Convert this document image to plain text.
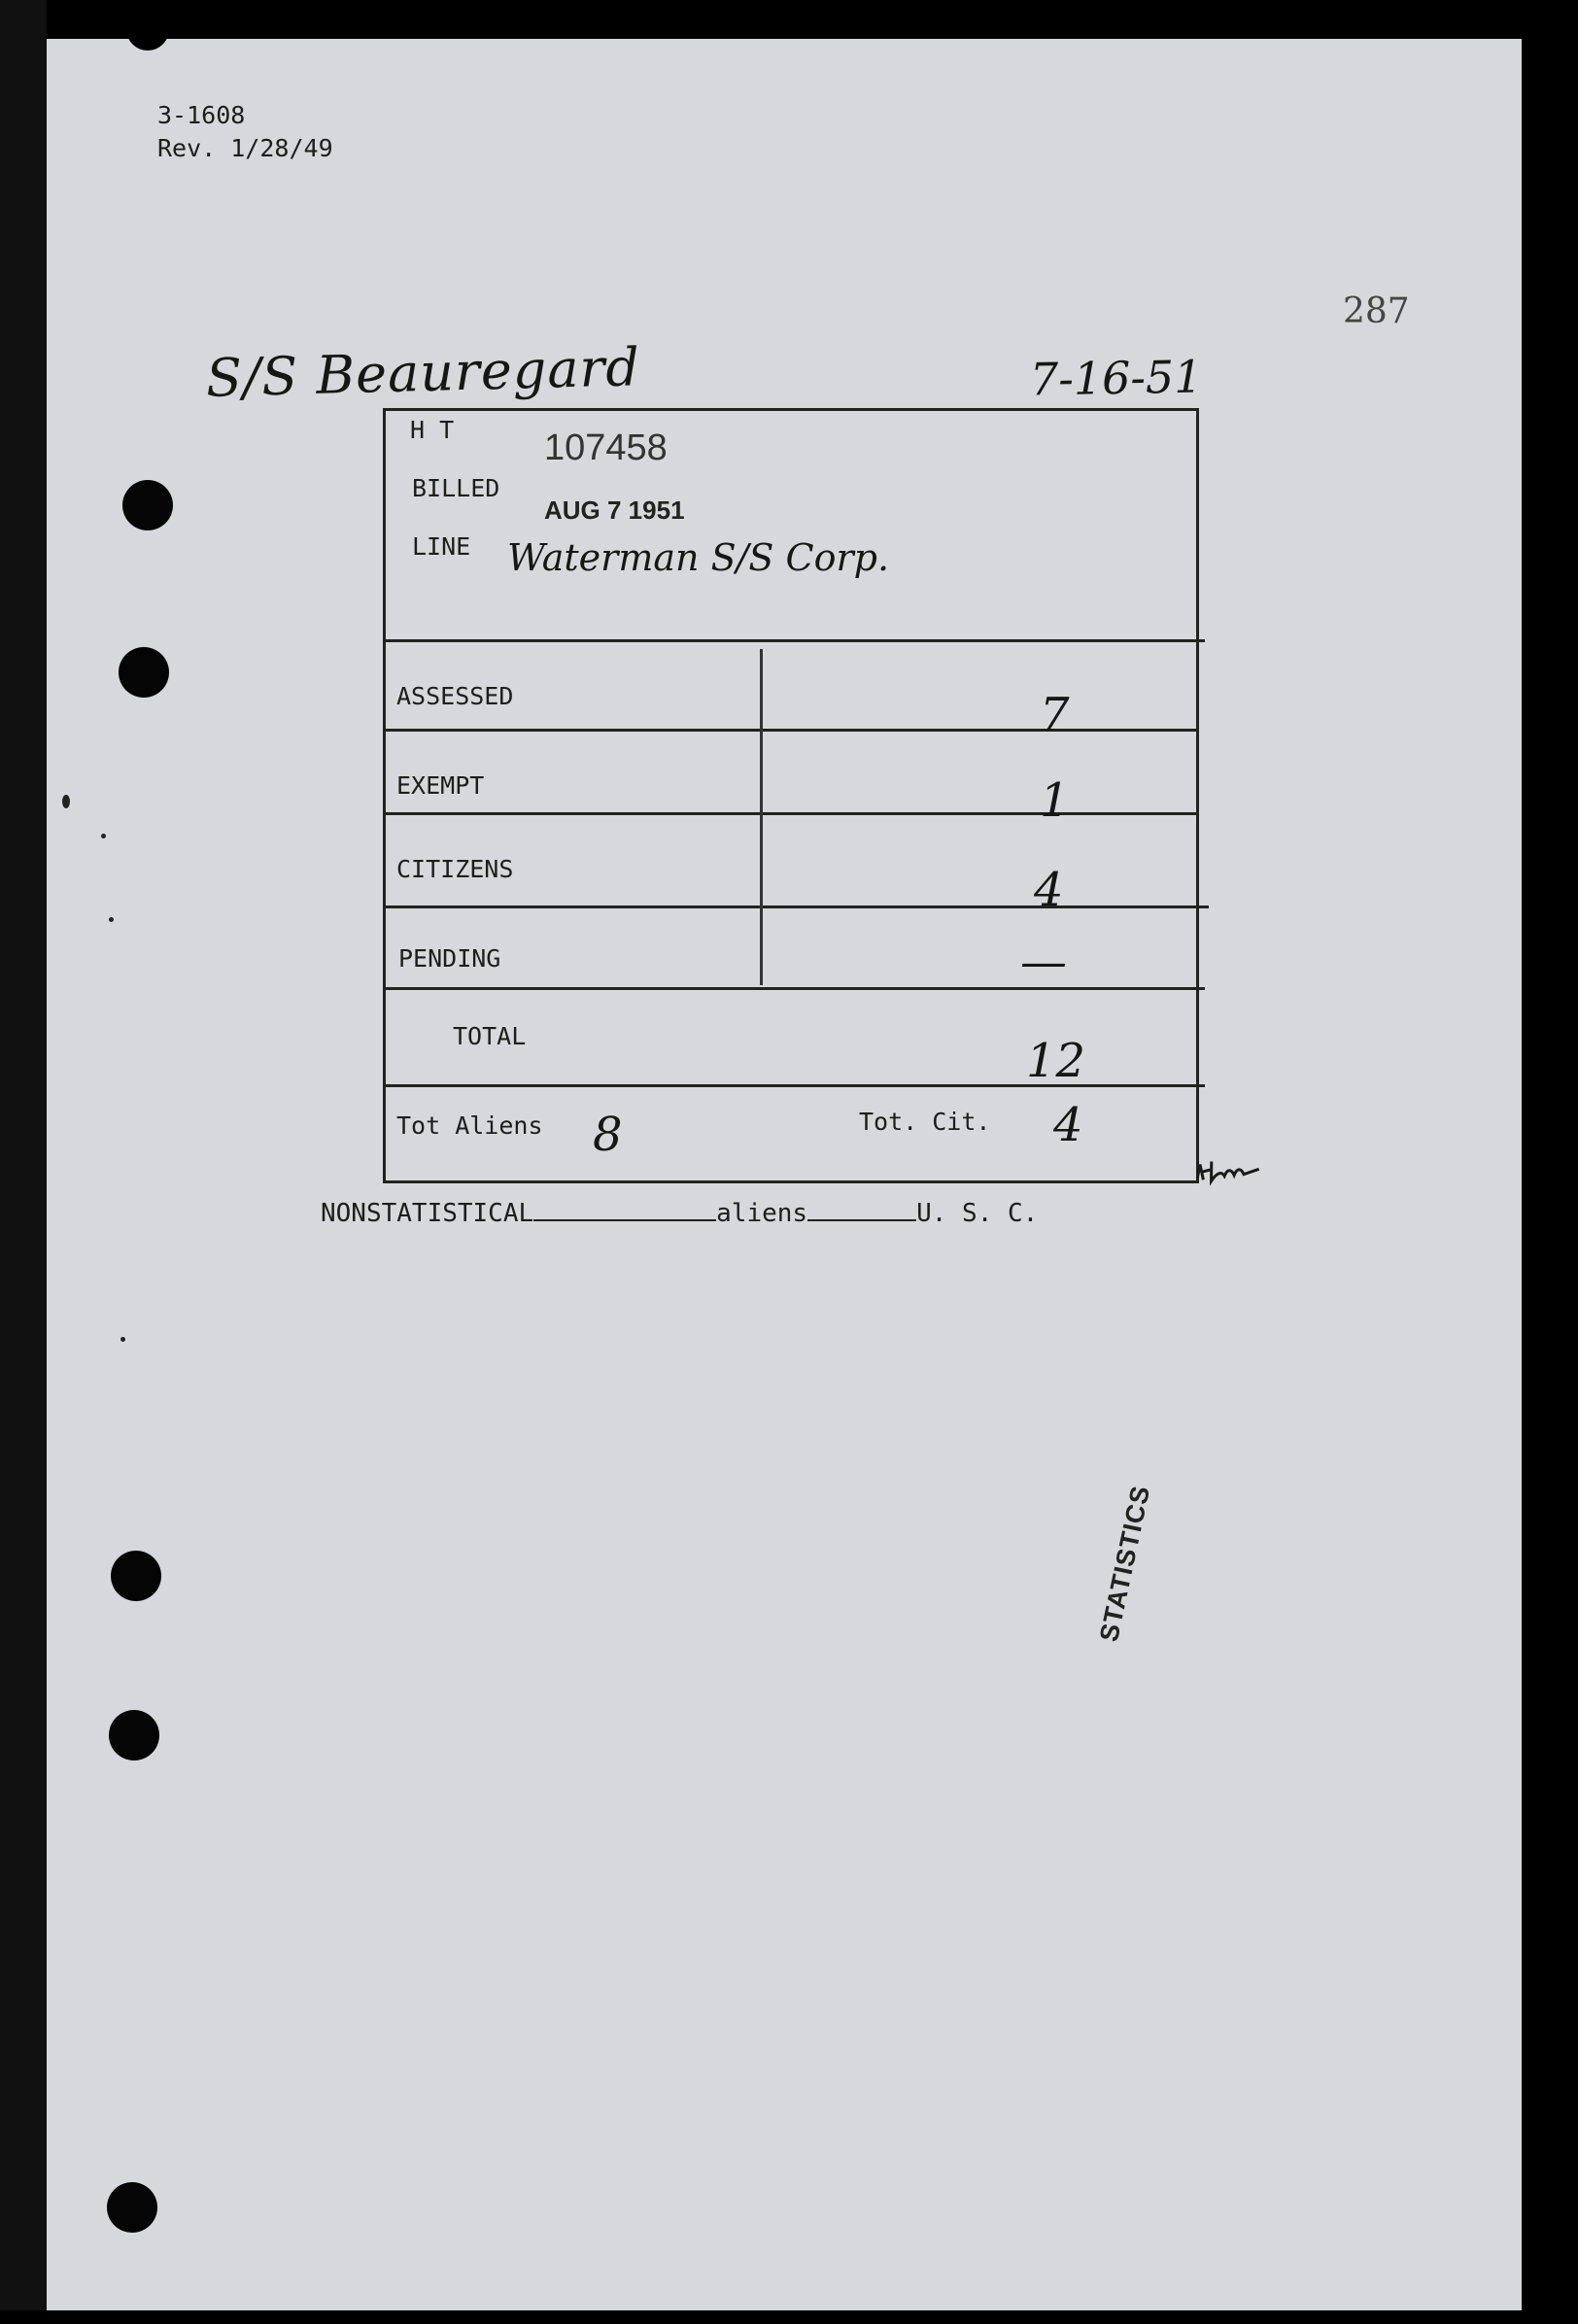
3-1608
Rev. 1/28/49
287
S/S Beauregard	7-16-51
H T 107458
BILLED
AUG 7 1951
LINE Waterman S/S Corp.
ASSESSED	7
EXEMPT	1
CITIZENS	4
PENDING	—
TOTAL	12
Tot Aliens 8	Tot. Cit. 4
NONSTATISTICAL	aliens	U. S. C.
STATISTICS
